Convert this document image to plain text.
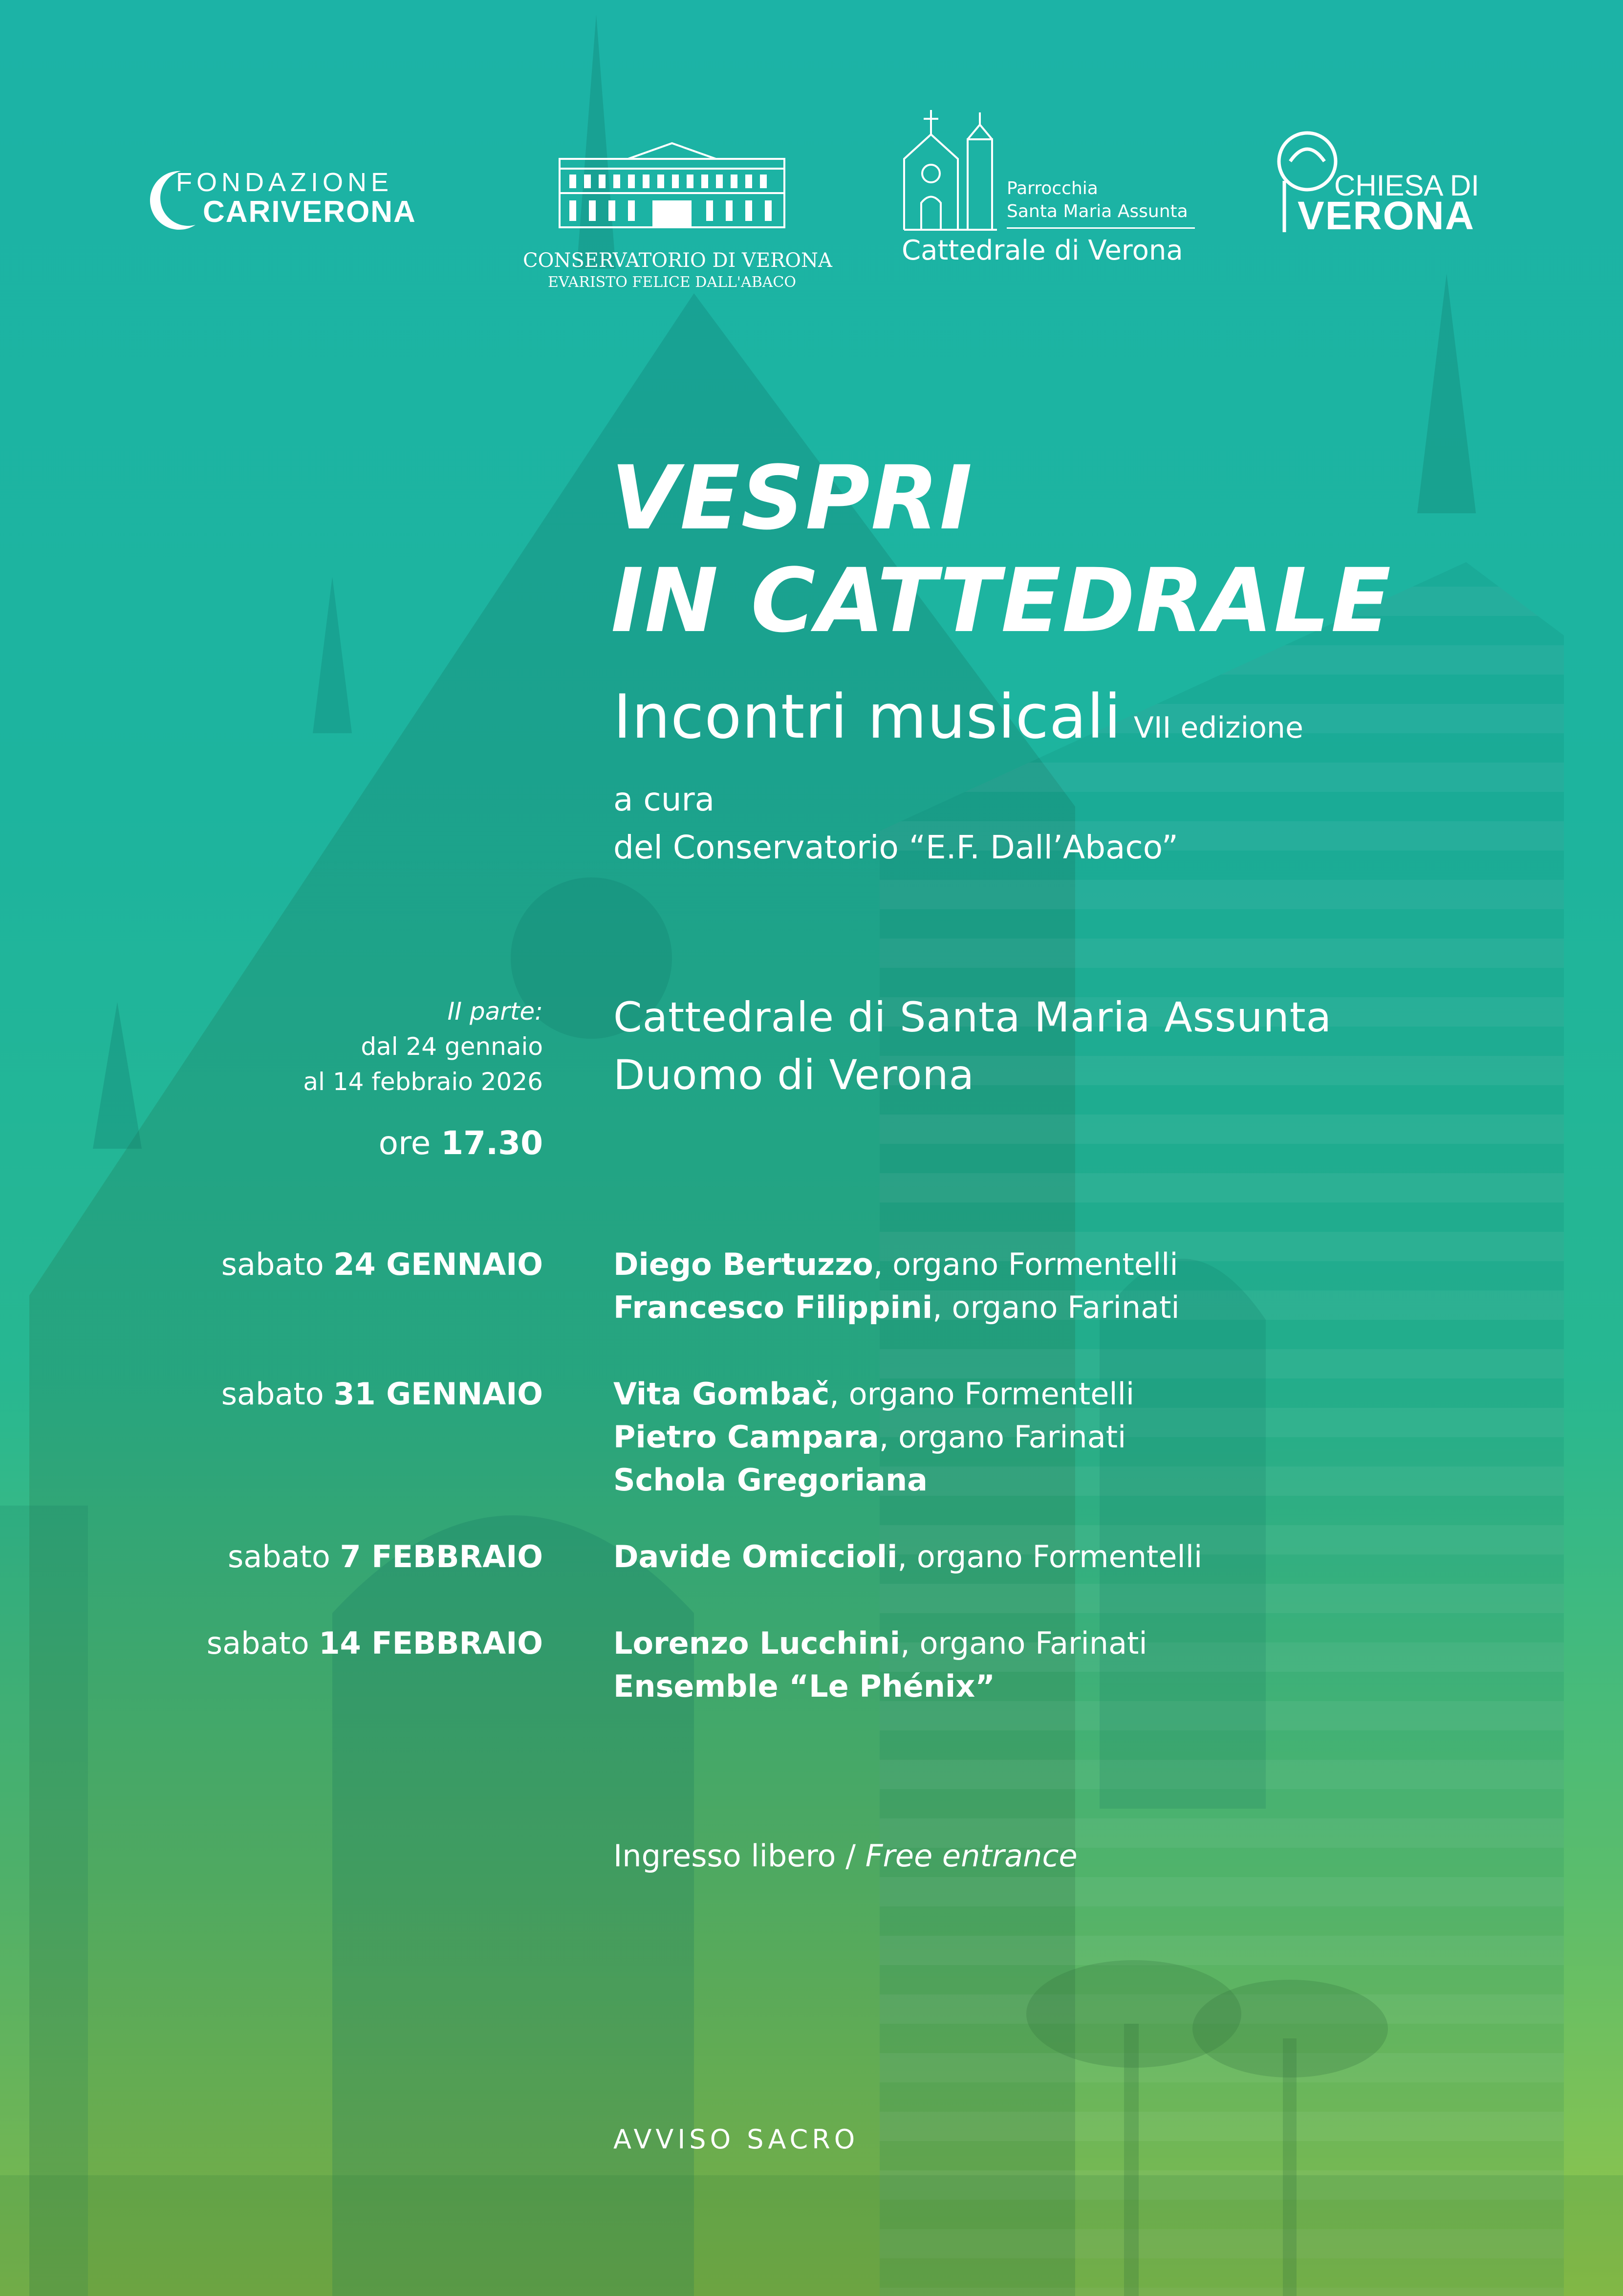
FONDAZIONE
CARIVERONA
CONSERVATORIO DI VERONA
EVARISTO FELICE DALL'ABACO
Parrocchia
Santa Maria Assunta
Cattedrale di Verona
CHIESA DI
VERONA
VESPRI
IN CATTEDRALE
Incontri musicali VII edizione
a cura
del Conservatorio “E.F. Dall’Abaco”
II parte:
dal 24 gennaio
al 14 febbraio 2026
ore 17.30
Cattedrale di Santa Maria Assunta
Duomo di Verona
sabato 24 GENNAIO Diego Bertuzzo, organo Formentelli
Francesco Filippini, organo Farinati
sabato 31 GENNAIO Vita Gombač, organo Formentelli
Pietro Campara, organo Farinati
Schola Gregoriana
sabato 7 FEBBRAIO Davide Omiccioli, organo Formentelli
sabato 14 FEBBRAIO Lorenzo Lucchini, organo Farinati
Ensemble “Le Phénix”
Ingresso libero / Free entrance
AVVISO SACRO
